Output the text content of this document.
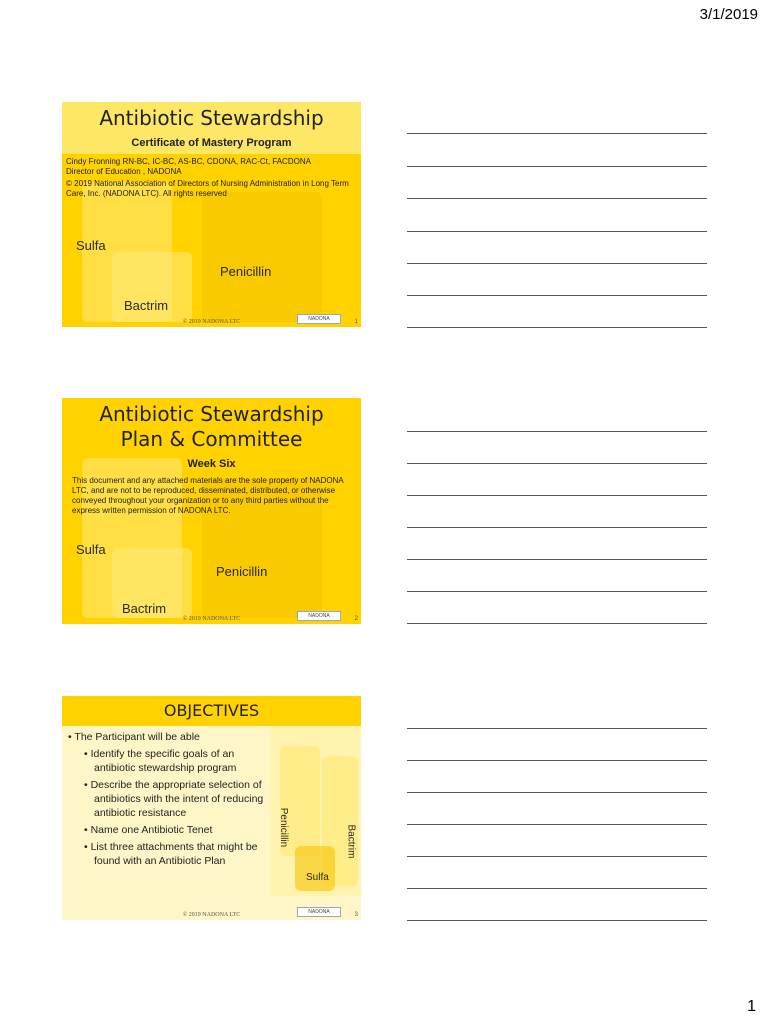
3/1/2019
Antibiotic Stewardship
Certificate of Mastery Program
Cindy Fronning RN-BC, IC-BC, AS-BC, CDONA, RAC-Ct, FACDONA
Director of Education , NADONA
© 2019 National Association of Directors of Nursing Administration in Long Term Care, Inc. (NADONA LTC). All rights reserved
Sulfa
Penicillin
Bactrim
© 2019 NADONA LTC	NADONA	1
Antibiotic Stewardship
Plan & Committee
Week Six
This document and any attached materials are the sole property of NADONA LTC, and are not to be reproduced, disseminated, distributed, or otherwise conveyed throughout your organization or to any third parties without the express written permission of NADONA LTC.
Sulfa
Penicillin
Bactrim
© 2019 NADONA LTC	NADONA	2
OBJECTIVES
• The Participant will be able
• Identify the specific goals of an antibiotic stewardship program
• Describe the appropriate selection of antibiotics with the intent of reducing antibiotic resistance
• Name one Antibiotic Tenet
• List three attachments that might be found with an Antibiotic Plan
Penicillin	Bactrim
Sulfa
© 2019 NADONA LTC	NADONA	3
1
